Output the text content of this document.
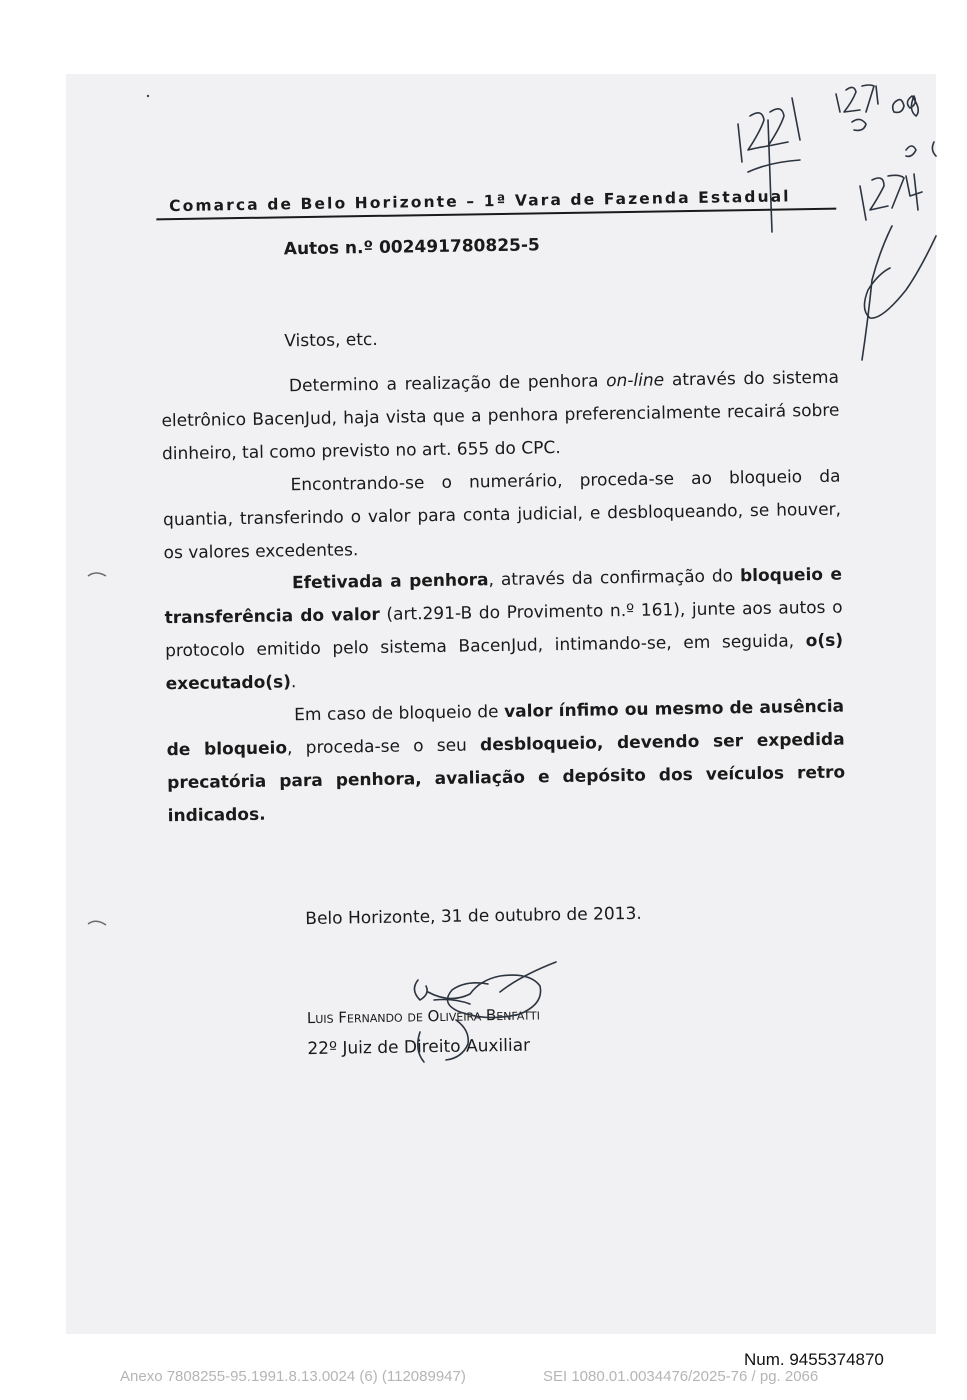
Comarca de Belo Horizonte – 1ª Vara de Fazenda Estadual
Autos n.º 002491780825-5
Vistos, etc.
Determino a realização de penhora on-line através do sistema eletrônico BacenJud, haja vista que a penhora preferencialmente recairá sobre dinheiro, tal como previsto no art. 655 do CPC.
Encontrando-se o numerário, proceda-se ao bloqueio da quantia, transferindo o valor para conta judicial, e desbloqueando, se houver, os valores excedentes.
Efetivada a penhora, através da confirmação do bloqueio e transferência do valor (art.291-B do Provimento n.º 161), junte aos autos o protocolo emitido pelo sistema BacenJud, intimando-se, em seguida, o(s) executado(s).
Em caso de bloqueio de valor ínfimo ou mesmo de ausência de bloqueio, proceda-se o seu desbloqueio, devendo ser expedida precatória para penhora, avaliação e depósito dos veículos retro indicados.
Belo Horizonte, 31 de outubro de 2013.
Luis Fernando de Oliveira Benfatti
22º Juiz de Direito Auxiliar
Num. 9455374870
Anexo 7808255-95.1991.8.13.0024 (6) (112089947)	SEI 1080.01.0034476/2025-76 / pg. 2066
